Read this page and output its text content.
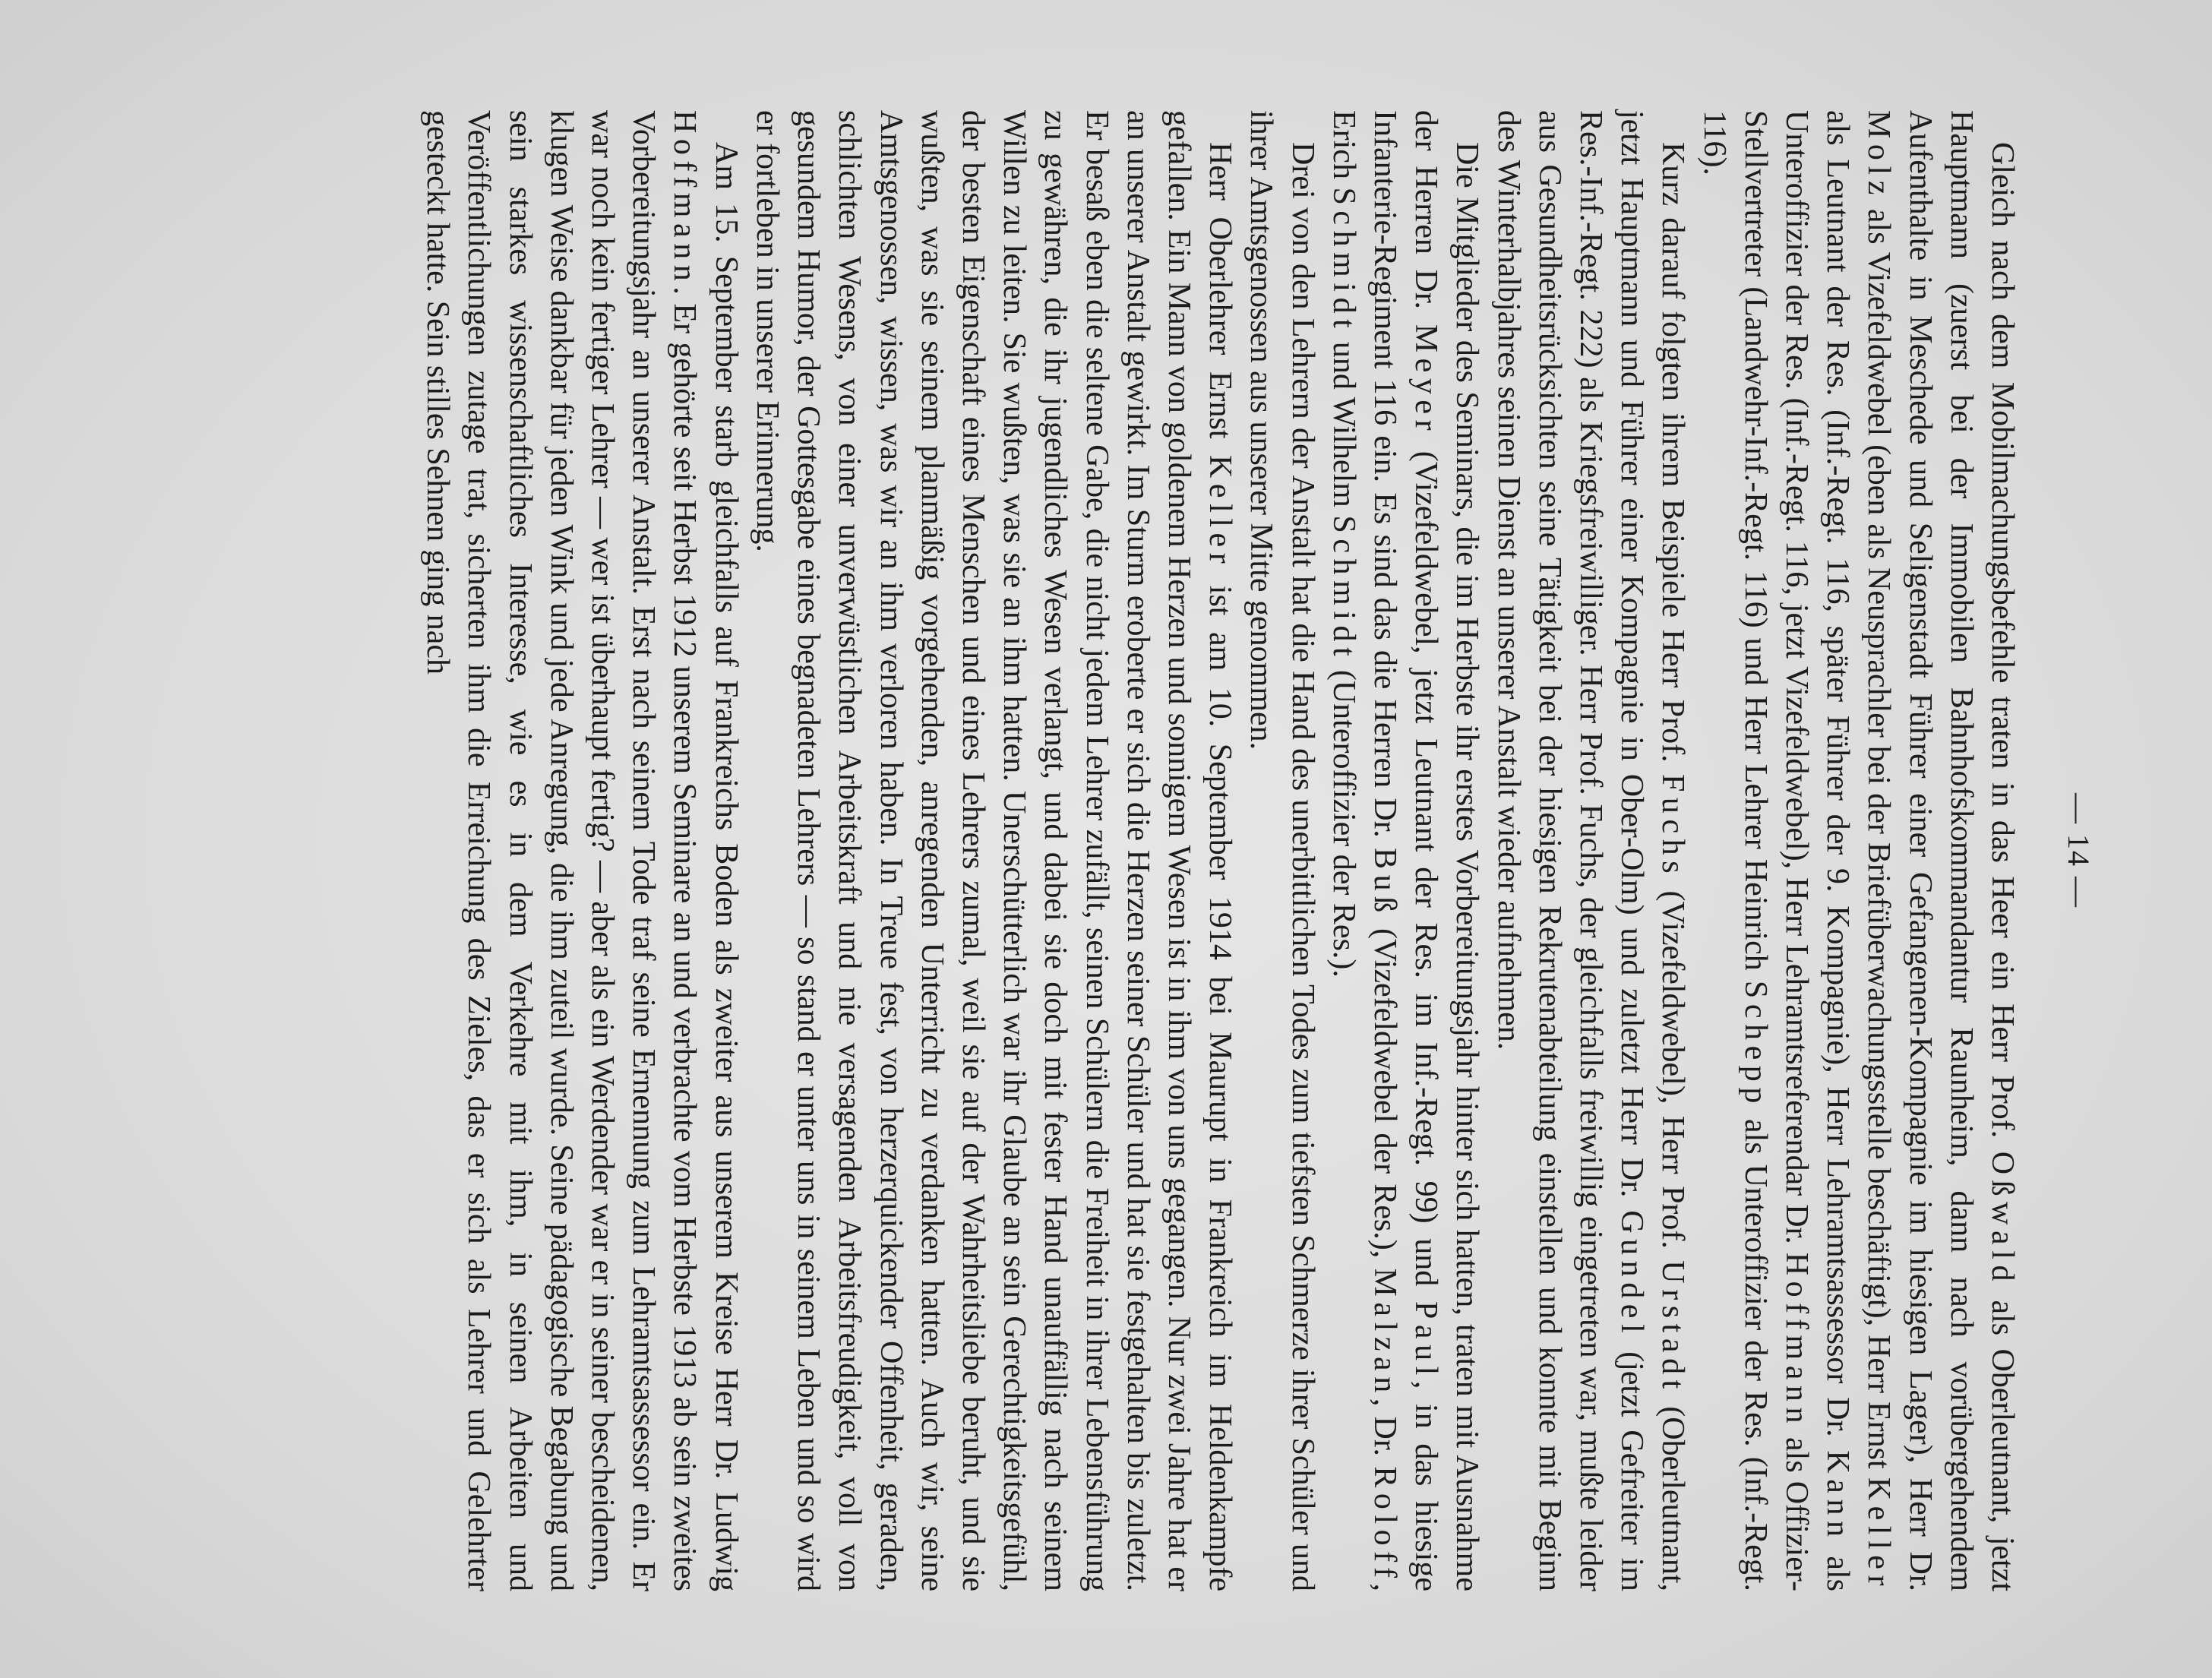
— 14 —

Gleich nach dem Mobilmachungsbefehle traten in das Heer ein Herr Prof. Oßwald als Oberleutnant, jetzt Hauptmann (zuerst bei der Immobilen Bahnhofskommandantur Raunheim, dann nach vorübergehendem Aufenthalte in Meschede und Seligenstadt Führer einer Gefangenen-Kompagnie im hiesigen Lager), Herr Dr. Molz als Vizefeldwebel (eben als Neusprachler bei der Briefüberwachungsstelle beschäftigt), Herr Ernst Keller als Leutnant der Res. (Inf.-Regt. 116, später Führer der 9. Kompagnie), Herr Lehramtsassessor Dr. Kann als Unteroffizier der Res. (Inf.-Regt. 116, jetzt Vizefeldwebel), Herr Lehramtsreferendar Dr. Hoffmann als Offizier-Stellvertreter (Landwehr-Inf.-Regt. 116) und Herr Lehrer Heinrich Schepp als Unteroffizier der Res. (Inf.-Regt. 116).

Kurz darauf folgten ihrem Beispiele Herr Prof. Fuchs (Vizefeldwebel), Herr Prof. Urstadt (Oberleutnant, jetzt Hauptmann und Führer einer Kompagnie in Ober-Olm) und zuletzt Herr Dr. Gundel (jetzt Gefreiter im Res.-Inf.-Regt. 222) als Kriegsfreiwilliger. Herr Prof. Fuchs, der gleichfalls freiwillig eingetreten war, mußte leider aus Gesundheitsrücksichten seine Tätigkeit bei der hiesigen Rekrutenabteilung einstellen und konnte mit Beginn des Winterhalbjahres seinen Dienst an unserer Anstalt wieder aufnehmen.

Die Mitglieder des Seminars, die im Herbste ihr erstes Vorbereitungsjahr hinter sich hatten, traten mit Ausnahme der Herren Dr. Meyer (Vizefeldwebel, jetzt Leutnant der Res. im Inf.-Regt. 99) und Paul, in das hiesige Infanterie-Regiment 116 ein. Es sind das die Herren Dr. Buß (Vizefeldwebel der Res.), Malzan, Dr. Roloff, Erich Schmidt und Wilhelm Schmidt (Unteroffizier der Res.).

Drei von den Lehrern der Anstalt hat die Hand des unerbittlichen Todes zum tiefsten Schmerze ihrer Schüler und ihrer Amtsgenossen aus unserer Mitte genommen.

Herr Oberlehrer Ernst Keller ist am 10. September 1914 bei Maurupt in Frankreich im Heldenkampfe gefallen. Ein Mann von goldenem Herzen und sonnigem Wesen ist in ihm von uns gegangen. Nur zwei Jahre hat er an unserer Anstalt gewirkt. Im Sturm eroberte er sich die Herzen seiner Schüler und hat sie festgehalten bis zuletzt. Er besaß eben die seltene Gabe, die nicht jedem Lehrer zufällt, seinen Schülern die Freiheit in ihrer Lebensführung zu gewähren, die ihr jugendliches Wesen verlangt, und dabei sie doch mit fester Hand unauffällig nach seinem Willen zu leiten. Sie wußten, was sie an ihm hatten. Unerschütterlich war ihr Glaube an sein Gerechtigkeitsgefühl, der besten Eigenschaft eines Menschen und eines Lehrers zumal, weil sie auf der Wahrheitsliebe beruht, und sie wußten, was sie seinem planmäßig vorgehenden, anregenden Unterricht zu verdanken hatten. Auch wir, seine Amtsgenossen, wissen, was wir an ihm verloren haben. In Treue fest, von herzerquickender Offenheit, geraden, schlichten Wesens, von einer unverwüstlichen Arbeitskraft und nie versagenden Arbeitsfreudigkeit, voll von gesundem Humor, der Gottesgabe eines begnadeten Lehrers — so stand er unter uns in seinem Leben und so wird er fortleben in unserer Erinnerung.

Am 15. September starb gleichfalls auf Frankreichs Boden als zweiter aus unserem Kreise Herr Dr. Ludwig Hoffmann. Er gehörte seit Herbst 1912 unserem Seminare an und verbrachte vom Herbste 1913 ab sein zweites Vorbereitungsjahr an unserer Anstalt. Erst nach seinem Tode traf seine Ernennung zum Lehramtsassessor ein. Er war noch kein fertiger Lehrer — wer ist überhaupt fertig? — aber als ein Werdender war er in seiner bescheidenen, klugen Weise dankbar für jeden Wink und jede Anregung, die ihm zuteil wurde. Seine pädagogische Begabung und sein starkes wissenschaftliches Interesse, wie es in dem Verkehre mit ihm, in seinen Arbeiten und Veröffentlichungen zutage trat, sicherten ihm die Erreichung des Zieles, das er sich als Lehrer und Gelehrter gesteckt hatte. Sein stilles Sehnen ging nach
